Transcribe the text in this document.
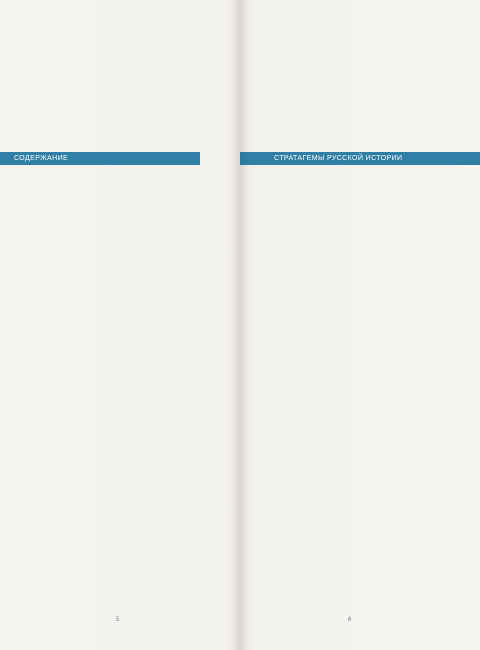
СОДЕРЖАНИЕ
5
СТРАТАГЕМЫ РУССКОЙ ИСТОРИИ
6
